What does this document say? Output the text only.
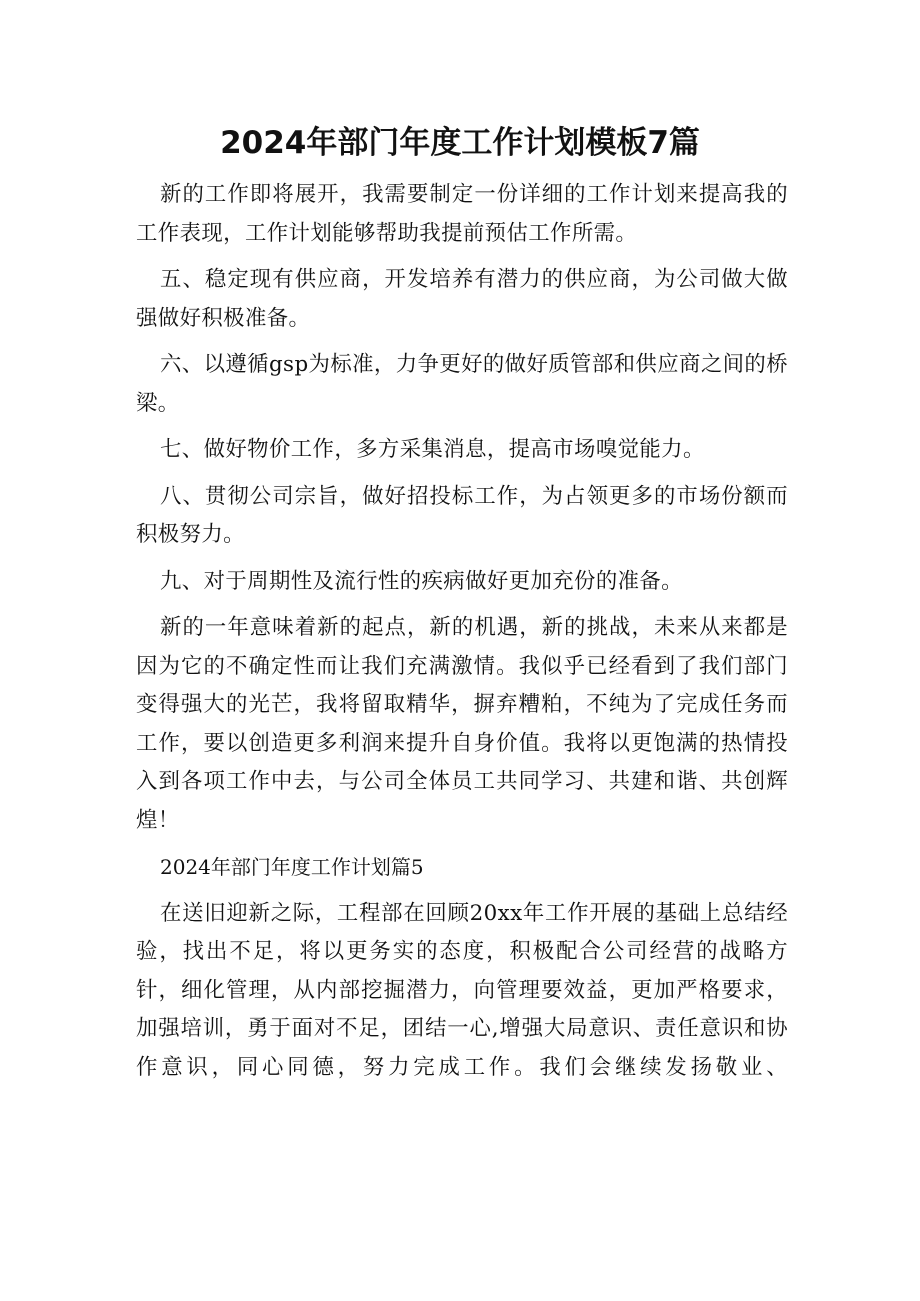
2024年部门年度工作计划模板7篇

新的工作即将展开，我需要制定一份详细的工作计划来提高我的工作表现，工作计划能够帮助我提前预估工作所需。

五、稳定现有供应商，开发培养有潜力的供应商，为公司做大做强做好积极准备。

六、以遵循gsp为标准，力争更好的做好质管部和供应商之间的桥梁。

七、做好物价工作，多方采集消息，提高市场嗅觉能力。

八、贯彻公司宗旨，做好招投标工作，为占领更多的市场份额而积极努力。

九、对于周期性及流行性的疾病做好更加充份的准备。

新的一年意味着新的起点，新的机遇，新的挑战，未来从来都是因为它的不确定性而让我们充满激情。我似乎已经看到了我们部门变得强大的光芒，我将留取精华，摒弃糟粕，不纯为了完成任务而工作，要以创造更多利润来提升自身价值。我将以更饱满的热情投入到各项工作中去，与公司全体员工共同学习、共建和谐、共创辉煌！

2024年部门年度工作计划篇5

在送旧迎新之际，工程部在回顾20xx年工作开展的基础上总结经验，找出不足，将以更务实的态度，积极配合公司经营的战略方针，细化管理，从内部挖掘潜力，向管理要效益，更加严格要求，加强培训，勇于面对不足，团结一心,增强大局意识、责任意识和协作意识，同心同德，努力完成工作。我们会继续发扬敬业、
